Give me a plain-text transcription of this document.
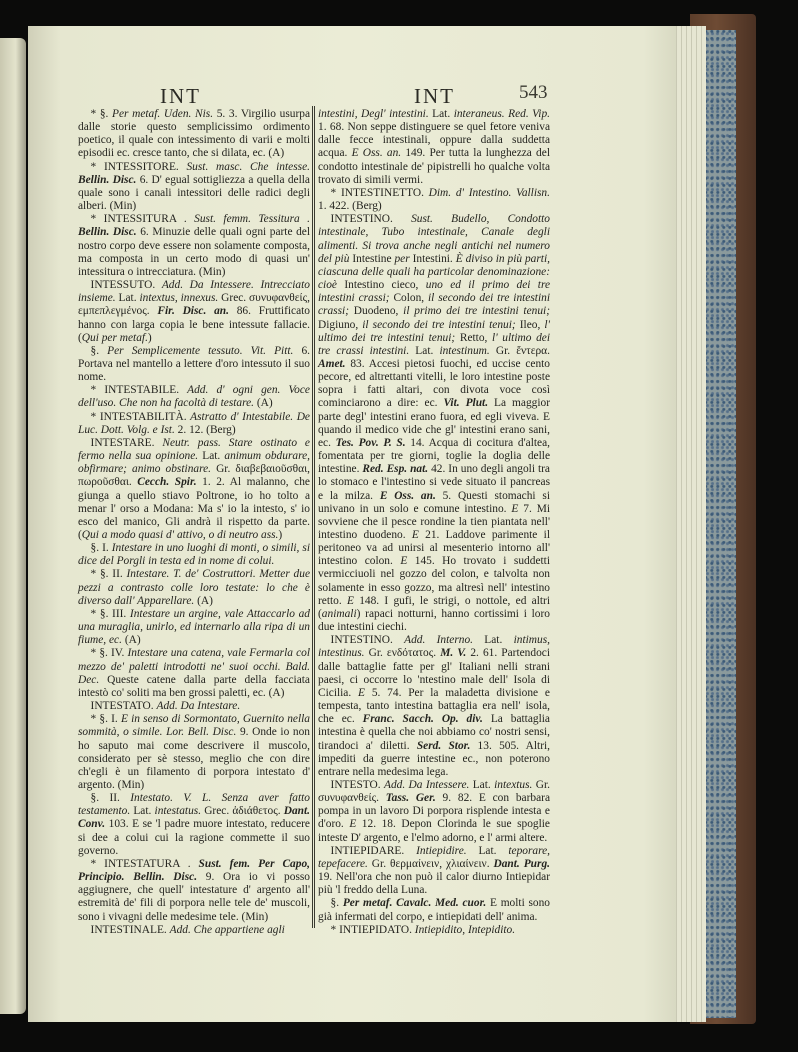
INT	INT	543

* §. Per metaf. Uden. Nis. 5. 3. Virgilio usurpa dalle storie questo semplicissimo ordimento poetico, il quale con intessimento di varii e molti episodii ec. cresce tanto, che si dilata, ec. (A)

* INTESSITORE. Sust. masc. Che intesse. Bellin. Disc. 6. D' egual sottigliezza a quella della quale sono i canali intessitori delle radici degli alberi. (Min)

* INTESSITURA . Sust. femm. Tessitura . Bellin. Disc. 6. Minuzie delle quali ogni parte del nostro corpo deve essere non solamente composta, ma composta in un certo modo di quasi un' intessitura o intrecciatura. (Min)

INTESSUTO. Add. Da Intessere. Intrecciato insieme. Lat. intextus, innexus. Grec. συνυφανθείς, εμπεπλεγμένος. Fir. Disc. an. 86. Fruttificato hanno con larga copia le bene intessute fallacie. (Qui per metaf.)

§. Per Semplicemente tessuto. Vit. Pitt. 6. Portava nel mantello a lettere d'oro intessuto il suo nome.

* INTESTABILE. Add. d' ogni gen. Voce dell'uso. Che non ha facoltà di testare. (A)

* INTESTABILITÀ. Astratto d' Intestabile. De Luc. Dott. Volg. e Ist. 2. 12. (Berg)

INTESTARE. Neutr. pass. Stare ostinato e fermo nella sua opinione. Lat. animum obdurare, obfirmare; animo obstinare. Gr. διαβεβαιοῦσθαι, πωροῦσθαι. Cecch. Spir. 1. 2. Al malanno, che giunga a quello stiavo Poltrone, io ho tolto a menar l' orso a Modana: Ma s' io la intesto, s' io esco del manico, Gli andrà il rispetto da parte. (Qui a modo quasi d' attivo, o di neutro ass.)

§. I. Intestare in uno luoghi di monti, o simili, si dice del Porgli in testa ed in nome di colui.

* §. II. Intestare. T. de' Costruttori. Metter due pezzi a contrasto colle loro testate: lo che è diverso dall' Apparellare. (A)

* §. III. Intestare un argine, vale Attaccarlo ad una muraglia, unirlo, ed internarlo alla ripa di un fiume, ec. (A)

* §. IV. Intestare una catena, vale Fermarla col mezzo de' paletti introdotti ne' suoi occhi. Bald. Dec. Queste catene dalla parte della facciata intestò co' soliti ma ben grossi paletti, ec. (A)

INTESTATO. Add. Da Intestare.

* §. I. E in senso di Sormontato, Guernito nella sommità, o simile. Lor. Bell. Disc. 9. Onde io non ho saputo mai come descrivere il muscolo, considerato per sè stesso, meglio che con dire ch'egli è un filamento di porpora intestato d' argento. (Min)

§. II. Intestato. V. L. Senza aver fatto testamento. Lat. intestatus. Grec. ἀδιάθετος. Dant. Conv. 103. E se 'l padre muore intestato, reducere si dee a colui cui la ragione commette il suo governo.

* INTESTATURA . Sust. fem. Per Capo, Principio. Bellin. Disc. 9. Ora io vi posso aggiugnere, che quell' intestature d' argento all' estremità de' fili di porpora nelle tele de' muscoli, sono i vivagni delle medesime tele. (Min)

INTESTINALE. Add. Che appartiene agli

intestini, Degl' intestini. Lat. interaneus. Red. Vip. 1. 68. Non seppe distinguere se quel fetore veniva dalle fecce intestinali, oppure dalla suddetta acqua. E Oss. an. 149. Per tutta la lunghezza del condotto intestinale de' pipistrelli ho qualche volta trovato di simili vermi.

* INTESTINETTO. Dim. d' Intestino. Vallisn. 1. 422. (Berg)

INTESTINO. Sust. Budello, Condotto intestinale, Tubo intestinale, Canale degli alimenti. Si trova anche negli antichi nel numero del più Intestine per Intestini. È diviso in più parti, ciascuna delle quali ha particolar denominazione: cioè Intestino cieco, uno ed il primo dei tre intestini crassi; Colon, il secondo dei tre intestini crassi; Duodeno, il primo dei tre intestini tenui; Digiuno, il secondo dei tre intestini tenui; Ileo, l' ultimo dei tre intestini tenui; Retto, l' ultimo dei tre crassi intestini. Lat. intestinum. Gr. ἔντερα. Amet. 83. Accesi pietosi fuochi, ed uccise cento pecore, ed altrettanti vitelli, le loro intestine poste sopra i fatti altari, con divota voce così cominciarono a dire: ec. Vit. Plut. La maggior parte degl' intestini erano fuora, ed egli viveva. E quando il medico vide che gl' intestini erano sani, ec. Tes. Pov. P. S. 14. Acqua di cocitura d'altea, fomentata per tre giorni, toglie la doglia delle intestine. Red. Esp. nat. 42. In uno degli angoli tra lo stomaco e l'intestino si vede situato il pancreas e la milza. E Oss. an. 5. Questi stomachi si univano in un solo e comune intestino. E 7. Mi sovviene che il pesce rondine la tien piantata nell' intestino duodeno. E 21. Laddove parimente il peritoneo va ad unirsi al mesenterio intorno all' intestino colon. E 145. Ho trovato i suddetti vermicciuoli nel gozzo del colon, e talvolta non solamente in esso gozzo, ma altresì nell' intestino retto. E 148. I gufi, le strigi, o nottole, ed altri (animali) rapaci notturni, hanno cortissimi i loro due intestini ciechi.

INTESTINO. Add. Interno. Lat. intimus, intestinus. Gr. ενδότατος. M. V. 2. 61. Partendoci dalle battaglie fatte per gl' Italiani nelli strani paesi, ci occorre lo 'ntestino male dell' Isola di Cicilia. E 5. 74. Per la maladetta divisione e tempesta, tanto intestina battaglia era nell' isola, che ec. Franc. Sacch. Op. div. La battaglia intestina è quella che noi abbiamo co' nostri sensi, tirandoci a' diletti. Serd. Stor. 13. 505. Altri, impediti da guerre intestine ec., non poterono entrare nella medesima lega.

INTESTO. Add. Da Intessere. Lat. intextus. Gr. συνυφανθείς. Tass. Ger. 9. 82. E con barbara pompa in un lavoro Di porpora risplende intesta e d'oro. E 12. 18. Depon Clorinda le sue spoglie inteste D' argento, e l'elmo adorno, e l' armi altere.

INTIEPIDARE. Intiepidire. Lat. teporare, tepefacere. Gr. θερμαίνειν, χλιαίνειν. Dant. Purg. 19. Nell'ora che non può il calor diurno Intiepidar più 'l freddo della Luna.

§. Per metaf. Cavalc. Med. cuor. E molti sono già infermati del corpo, e intiepidati dell' anima.

* INTIEPIDATO. Intiepidito, Intepidito.
